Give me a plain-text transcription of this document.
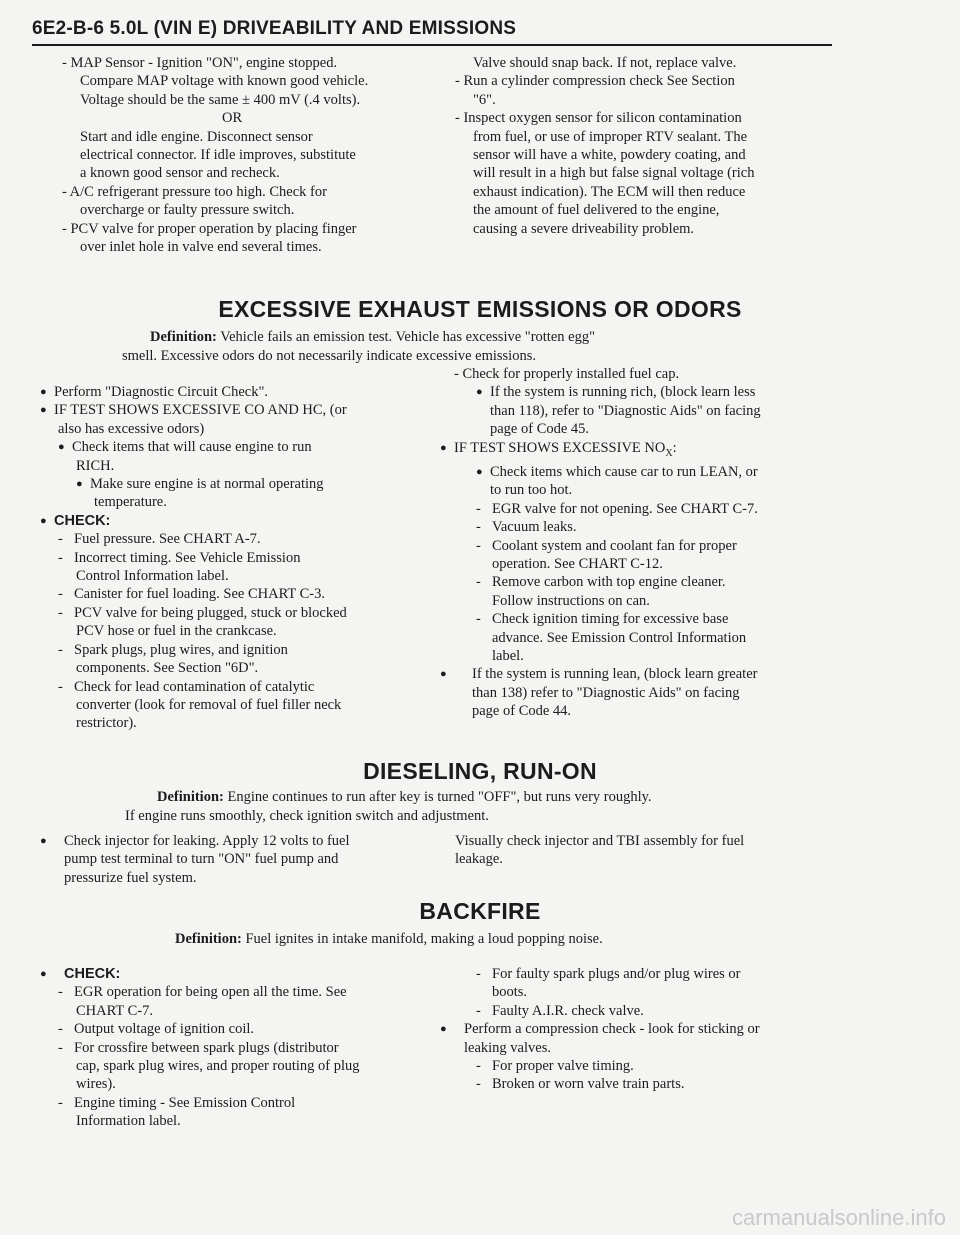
6E2-B-6 5.0L (VIN E) DRIVEABILITY AND EMISSIONS
- MAP Sensor - Ignition "ON", engine stopped.
Compare MAP voltage with known good vehicle.
Voltage should be the same ± 400 mV (.4 volts).
OR
Start and idle engine. Disconnect sensor
electrical connector. If idle improves, substitute
a known good sensor and recheck.
- A/C refrigerant pressure too high. Check for
overcharge or faulty pressure switch.
- PCV valve for proper operation by placing finger
over inlet hole in valve end several times.
Valve should snap back. If not, replace valve.
- Run a cylinder compression check See Section
"6".
- Inspect oxygen sensor for silicon contamination
from fuel, or use of improper RTV sealant. The
sensor will have a white, powdery coating, and
will result in a high but false signal voltage (rich
exhaust indication). The ECM will then reduce
the amount of fuel delivered to the engine,
causing a severe driveability problem.
EXCESSIVE EXHAUST EMISSIONS OR ODORS
Definition: Vehicle fails an emission test. Vehicle has excessive "rotten egg"
smell. Excessive odors do not necessarily indicate excessive emissions.
● Perform "Diagnostic Circuit Check".
● IF TEST SHOWS EXCESSIVE CO AND HC, (or
also has excessive odors)
● Check items that will cause engine to run
RICH.
● Make sure engine is at normal operating
temperature.
● CHECK:
- Fuel pressure. See CHART A-7.
- Incorrect timing. See Vehicle Emission
Control Information label.
- Canister for fuel loading. See CHART C-3.
- PCV valve for being plugged, stuck or blocked
PCV hose or fuel in the crankcase.
- Spark plugs, plug wires, and ignition
components. See Section "6D".
- Check for lead contamination of catalytic
converter (look for removal of fuel filler neck
restrictor).
- Check for properly installed fuel cap.
● If the system is running rich, (block learn less
than 118), refer to "Diagnostic Aids" on facing
page of Code 45.
● IF TEST SHOWS EXCESSIVE $NO_X$:
● Check items which cause car to run LEAN, or
to run too hot.
- EGR valve for not opening. See CHART C-7.
- Vacuum leaks.
- Coolant system and coolant fan for proper
operation. See CHART C-12.
- Remove carbon with top engine cleaner.
Follow instructions on can.
- Check ignition timing for excessive base
advance. See Emission Control Information
label.
● If the system is running lean, (block learn greater
than 138) refer to "Diagnostic Aids" on facing
page of Code 44.
DIESELING, RUN-ON
Definition: Engine continues to run after key is turned "OFF", but runs very roughly.
If engine runs smoothly, check ignition switch and adjustment.
● Check injector for leaking. Apply 12 volts to fuel
pump test terminal to turn "ON" fuel pump and
pressurize fuel system.
Visually check injector and TBI assembly for fuel
leakage.
BACKFIRE
Definition: Fuel ignites in intake manifold, making a loud popping noise.
● CHECK:
- EGR operation for being open all the time. See
CHART C-7.
- Output voltage of ignition coil.
- For crossfire between spark plugs (distributor
cap, spark plug wires, and proper routing of plug
wires).
- Engine timing - See Emission Control
Information label.
- For faulty spark plugs and/or plug wires or
boots.
- Faulty A.I.R. check valve.
● Perform a compression check - look for sticking or
leaking valves.
- For proper valve timing.
- Broken or worn valve train parts.
carmanualsonline.info
